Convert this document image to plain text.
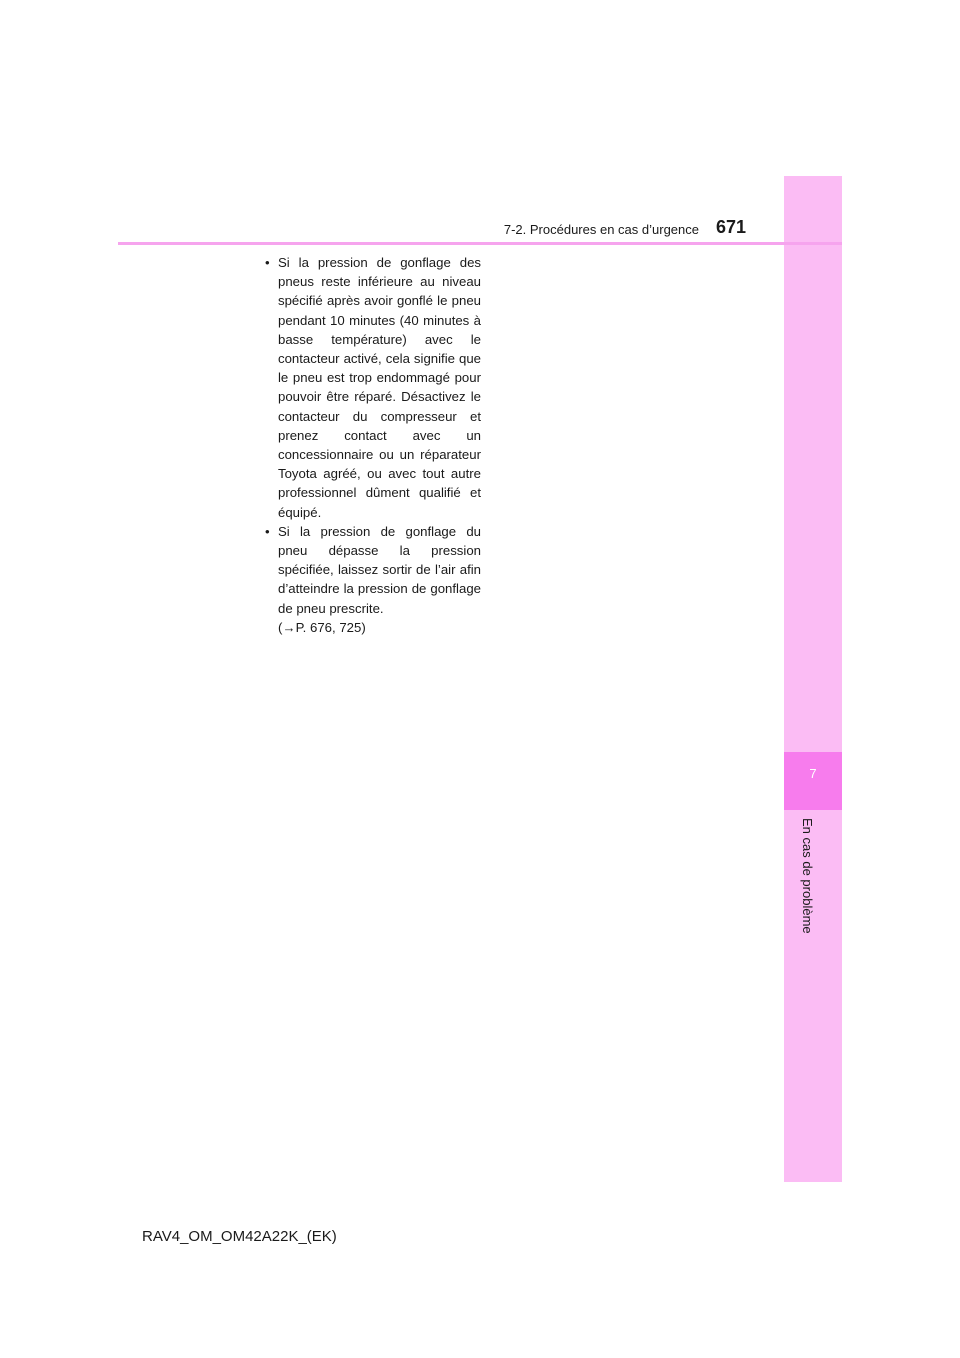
7
En cas de problème
7-2. Procédures en cas d’urgence 671
• Si la pression de gonflage des pneus reste inférieure au niveau spécifié après avoir gonflé le pneu pendant 10 minutes (40 minutes à basse température) avec le contacteur activé, cela signifie que le pneu est trop endommagé pour pouvoir être réparé. Désactivez le contacteur du compresseur et prenez contact avec un concessionnaire ou un réparateur Toyota agréé, ou avec tout autre professionnel dûment qualifié et équipé.
• Si la pression de gonflage du pneu dépasse la pression spécifiée, laissez sortir de l’air afin d’atteindre la pression de gonflage de pneu prescrite.
(→P. 676, 725)
RAV4_OM_OM42A22K_(EK)
